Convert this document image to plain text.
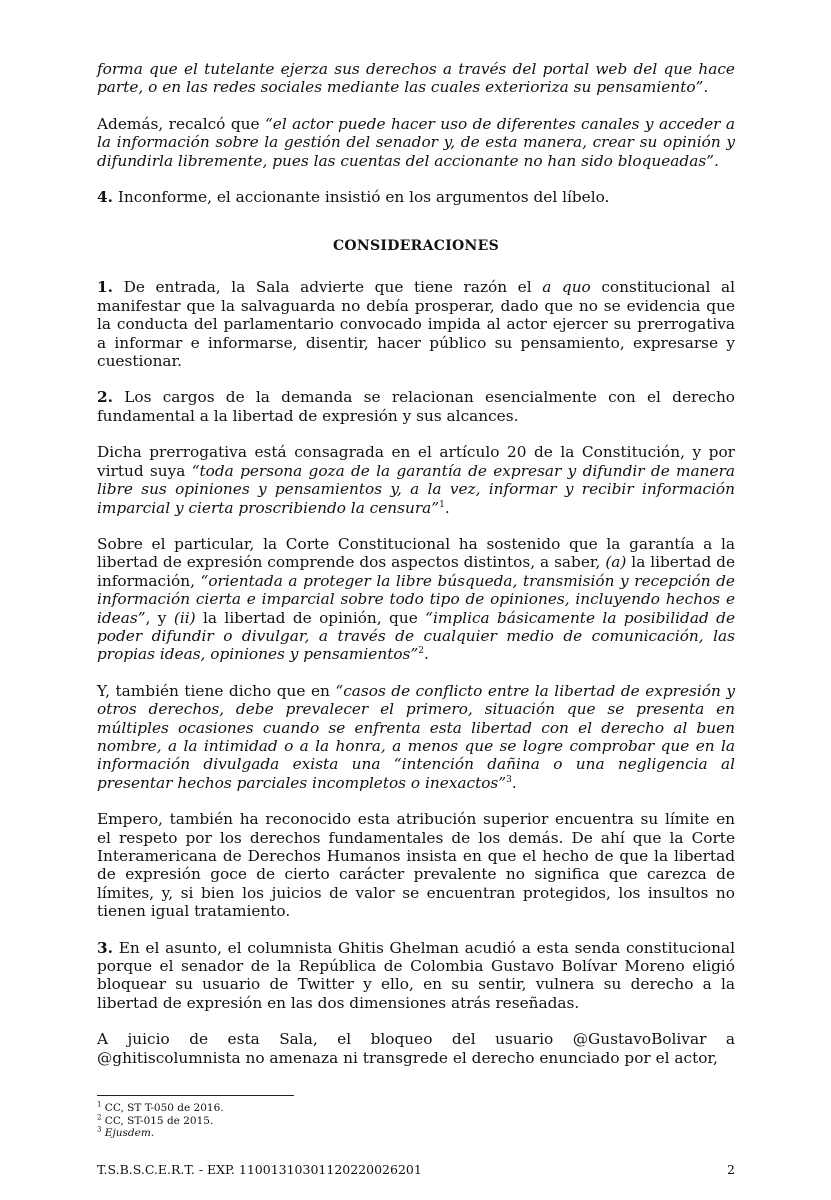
forma que el tutelante ejerza sus derechos a través del portal web del que hace parte, o en las redes sociales mediante las cuales exterioriza su pensamiento”.

Además, recalcó que “el actor puede hacer uso de diferentes canales y acceder a la información sobre la gestión del senador y, de esta manera, crear su opinión y difundirla libremente, pues las cuentas del accionante no han sido bloqueadas”.

4. Inconforme, el accionante insistió en los argumentos del líbelo.

CONSIDERACIONES

1. De entrada, la Sala advierte que tiene razón el a quo constitucional al manifestar que la salvaguarda no debía prosperar, dado que no se evidencia que la conducta del parlamentario convocado impida al actor ejercer su prerrogativa a informar e informarse, disentir, hacer público su pensamiento, expresarse y cuestionar.

2. Los cargos de la demanda se relacionan esencialmente con el derecho fundamental a la libertad de expresión y sus alcances.

Dicha prerrogativa está consagrada en el artículo 20 de la Constitución, y por virtud suya “toda persona goza de la garantía de expresar y difundir de manera libre sus opiniones y pensamientos y, a la vez, informar y recibir información imparcial y cierta proscribiendo la censura”$^1$.

Sobre el particular, la Corte Constitucional ha sostenido que la garantía a la libertad de expresión comprende dos aspectos distintos, a saber, (a) la libertad de información, “orientada a proteger la libre búsqueda, transmisión y recepción de información cierta e imparcial sobre todo tipo de opiniones, incluyendo hechos e ideas”, y (ii) la libertad de opinión, que “implica básicamente la posibilidad de poder difundir o divulgar, a través de cualquier medio de comunicación, las propias ideas, opiniones y pensamientos”$^2$.

Y, también tiene dicho que en “casos de conflicto entre la libertad de expresión y otros derechos, debe prevalecer el primero, situación que se presenta en múltiples ocasiones cuando se enfrenta esta libertad con el derecho al buen nombre, a la intimidad o a la honra, a menos que se logre comprobar que en la información divulgada exista una “intención dañina o una negligencia al presentar hechos parciales incompletos o inexactos”$^3$.

Empero, también ha reconocido esta atribución superior encuentra su límite en el respeto por los derechos fundamentales de los demás. De ahí que la Corte Interamericana de Derechos Humanos insista en que el hecho de que la libertad de expresión goce de cierto carácter prevalente no significa que carezca de límites, y, si bien los juicios de valor se encuentran protegidos, los insultos no tienen igual tratamiento.

3. En el asunto, el columnista Ghitis Ghelman acudió a esta senda constitucional porque el senador de la República de Colombia Gustavo Bolívar Moreno eligió bloquear su usuario de Twitter y ello, en su sentir, vulnera su derecho a la libertad de expresión en las dos dimensiones atrás reseñadas.

A juicio de esta Sala, el bloqueo del usuario @GustavoBolivar a @ghitiscolumnista no amenaza ni transgrede el derecho enunciado por el actor,

$^1$ CC, ST T-050 de 2016.

$^2$ CC, ST-015 de 2015.

$^3$ Ejusdem.

T.S.B.S.C.E.R.T. - EXP. 11001310301120220026201	2
